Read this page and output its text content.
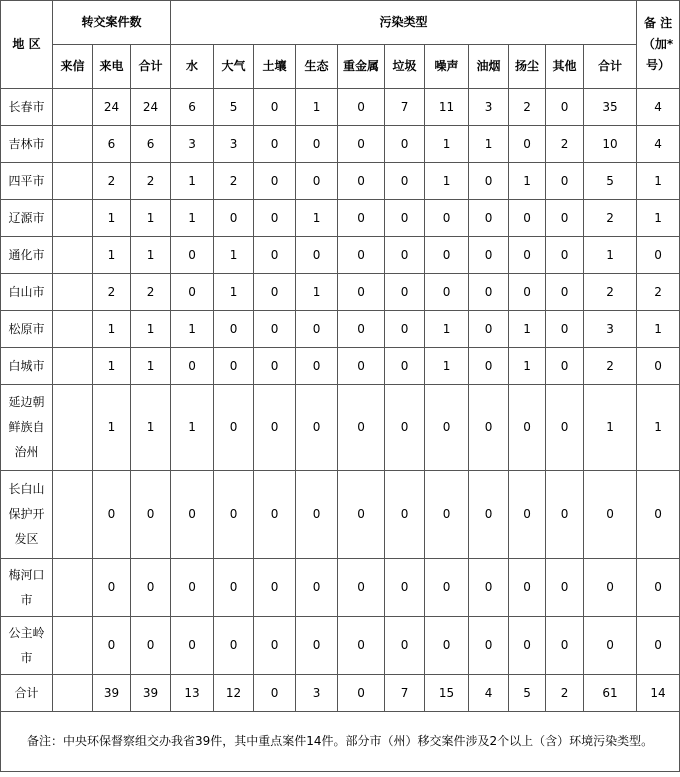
地 区	转交案件数			污染类型											备 注
（加*
号）

	来信	来电	合计	水	大气	土壤	生态	重金属	垃圾	噪声	油烟	扬尘	其他	合计	

长春市		24	24	6	5	0	1	0	7	11	3	2	0	35	4

吉林市		6	6	3	3	0	0	0	0	1	1	0	2	10	4

四平市		2	2	1	2	0	0	0	0	1	0	1	0	5	1

辽源市		1	1	1	0	0	1	0	0	0	0	0	0	2	1

通化市		1	1	0	1	0	0	0	0	0	0	0	0	1	0

白山市		2	2	0	1	0	1	0	0	0	0	0	0	2	2

松原市		1	1	1	0	0	0	0	0	1	0	1	0	3	1

白城市		1	1	0	0	0	0	0	0	1	0	1	0	2	0

延边朝
鲜族自
治州		1	1	1	0	0	0	0	0	0	0	0	0	1	1

长白山
保护开
发区		0	0	0	0	0	0	0	0	0	0	0	0	0	0

梅河口
市		0	0	0	0	0	0	0	0	0	0	0	0	0	0

公主岭
市		0	0	0	0	0	0	0	0	0	0	0	0	0	0

合计		39	39	13	12	0	3	0	7	15	4	5	2	61	14
备注：中央环保督察组交办我省39件，其中重点案件14件。部分市（州）移交案件涉及2个以上（含）环境污染类型。															
